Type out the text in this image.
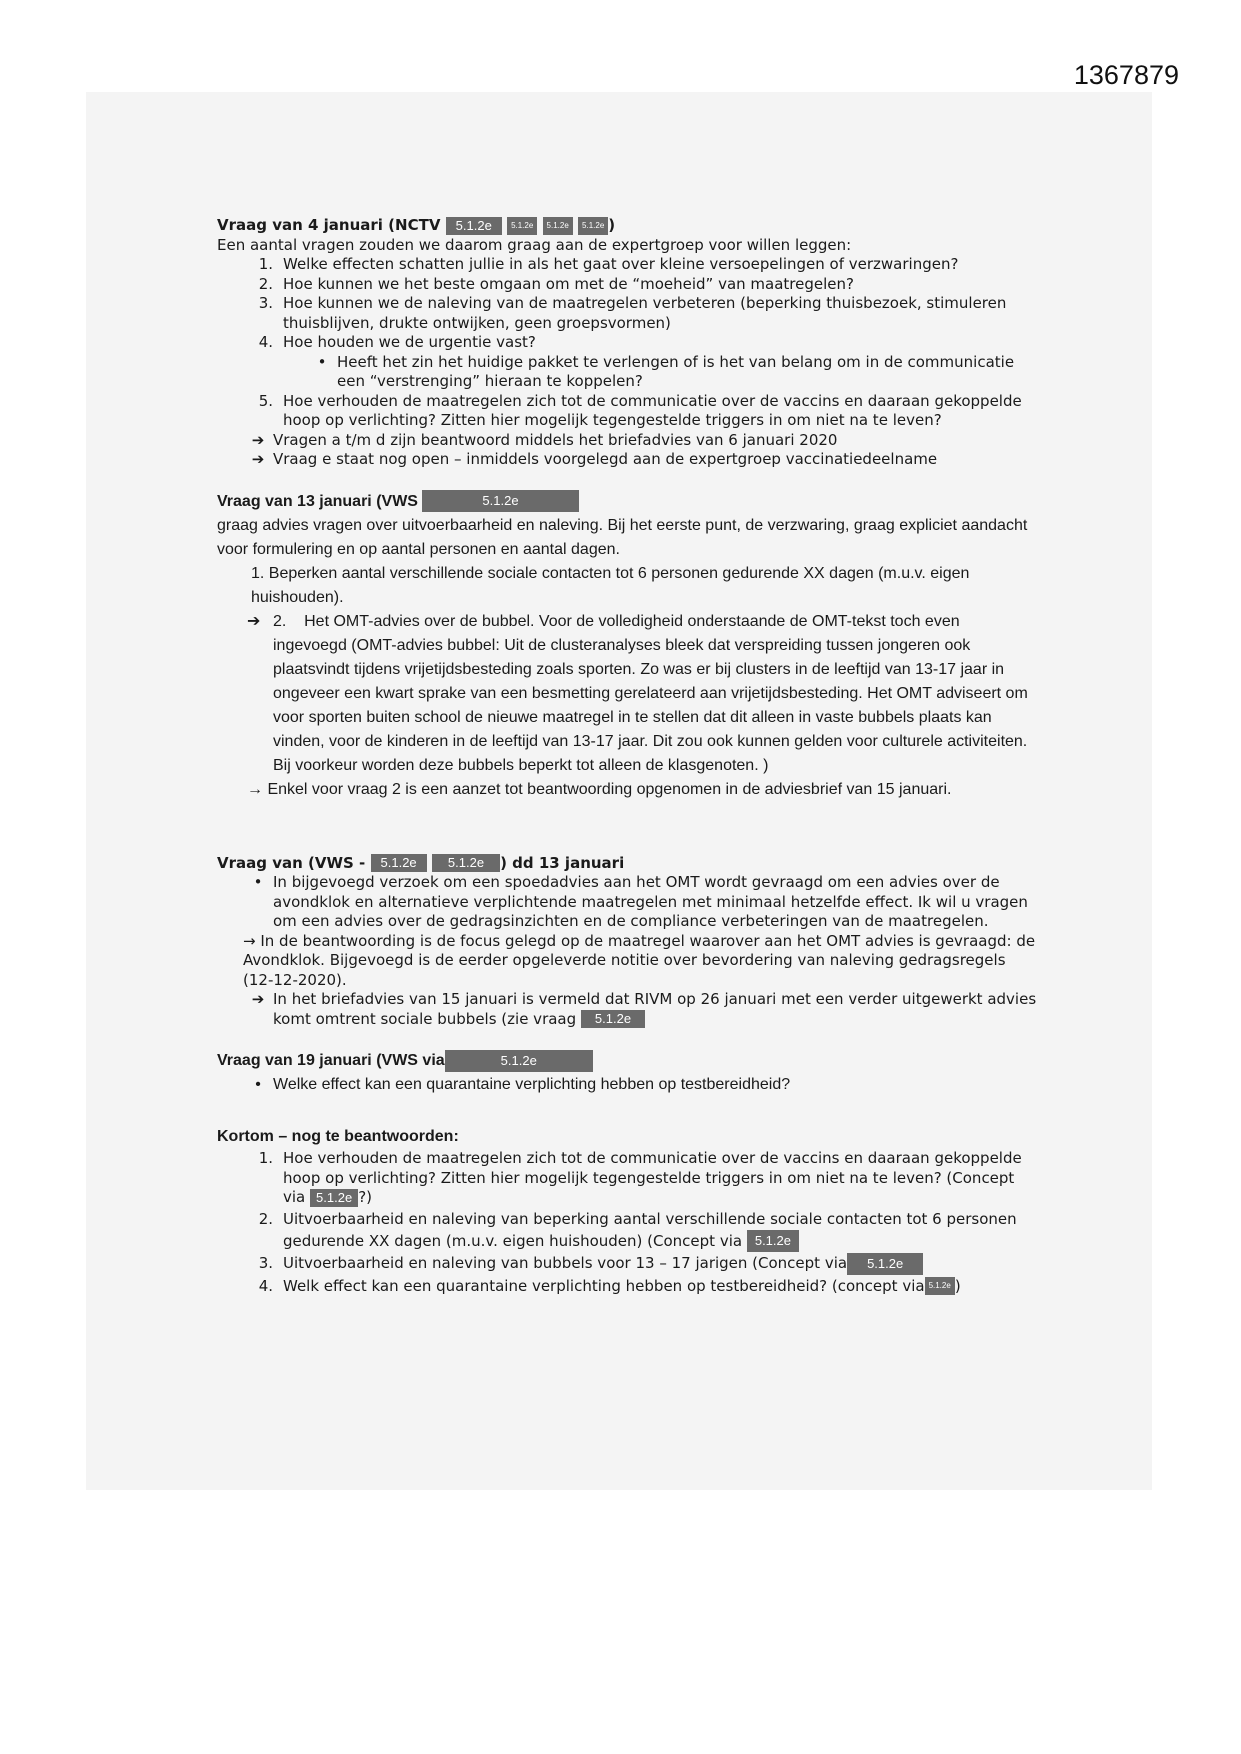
1367879
Vraag van 4 januari (NCTV 5.1.2e 5.1.2e 5.1.2e 5.1.2e )
Een aantal vragen zouden we daarom graag aan de expertgroep voor willen leggen:
1. Welke effecten schatten jullie in als het gaat over kleine versoepelingen of verzwaringen?
2. Hoe kunnen we het beste omgaan om met de “moeheid” van maatregelen?
3. Hoe kunnen we de naleving van de maatregelen verbeteren (beperking thuisbezoek, stimuleren thuisblijven, drukte ontwijken, geen groepsvormen)
4. Hoe houden we de urgentie vast?
• Heeft het zin het huidige pakket te verlengen of is het van belang om in de communicatie een “verstrenging” hieraan te koppelen?
5. Hoe verhouden de maatregelen zich tot de communicatie over de vaccins en daaraan gekoppelde hoop op verlichting? Zitten hier mogelijk tegengestelde triggers in om niet na te leven?
➔ Vragen a t/m d zijn beantwoord middels het briefadvies van 6 januari 2020
➔ Vraag e staat nog open – inmiddels voorgelegd aan de expertgroep vaccinatiedeelname
Vraag van 13 januari (VWS	5.1.2e
graag advies vragen over uitvoerbaarheid en naleving. Bij het eerste punt, de verzwaring, graag expliciet aandacht voor formulering en op aantal personen en aantal dagen.
1. Beperken aantal verschillende sociale contacten tot 6 personen gedurende XX dagen (m.u.v. eigen huishouden).
➔ 2. Het OMT-advies over de bubbel. Voor de volledigheid onderstaande de OMT-tekst toch even ingevoegd (OMT-advies bubbel: Uit de clusteranalyses bleek dat verspreiding tussen jongeren ook plaatsvindt tijdens vrijetijdsbesteding zoals sporten. Zo was er bij clusters in de leeftijd van 13-17 jaar in ongeveer een kwart sprake van een besmetting gerelateerd aan vrijetijdsbesteding. Het OMT adviseert om voor sporten buiten school de nieuwe maatregel in te stellen dat dit alleen in vaste bubbels plaats kan vinden, voor de kinderen in de leeftijd van 13-17 jaar. Dit zou ook kunnen gelden voor culturele activiteiten. Bij voorkeur worden deze bubbels beperkt tot alleen de klasgenoten. )
→ Enkel voor vraag 2 is een aanzet tot beantwoording opgenomen in de adviesbrief van 15 januari.
Vraag van (VWS - 5.1.2e 5.1.2e ) dd 13 januari
• In bijgevoegd verzoek om een spoedadvies aan het OMT wordt gevraagd om een advies over de avondklok en alternatieve verplichtende maatregelen met minimaal hetzelfde effect. Ik wil u vragen om een advies over de gedragsinzichten en de compliance verbeteringen van de maatregelen.
→ In de beantwoording is de focus gelegd op de maatregel waarover aan het OMT advies is gevraagd: de Avondklok. Bijgevoegd is de eerder opgeleverde notitie over bevordering van naleving gedragsregels (12-12-2020).
➔ In het briefadvies van 15 januari is vermeld dat RIVM op 26 januari met een verder uitgewerkt advies komt omtrent sociale bubbels (zie vraag 5.1.2e
Vraag van 19 januari (VWS via	5.1.2e
• Welke effect kan een quarantaine verplichting hebben op testbereidheid?
Kortom – nog te beantwoorden:
1. Hoe verhouden de maatregelen zich tot de communicatie over de vaccins en daaraan gekoppelde hoop op verlichting? Zitten hier mogelijk tegengestelde triggers in om niet na te leven? (Concept via 5.1.2e ?)
2. Uitvoerbaarheid en naleving van beperking aantal verschillende sociale contacten tot 6 personen gedurende XX dagen (m.u.v. eigen huishouden) (Concept via 5.1.2e
3. Uitvoerbaarheid en naleving van bubbels voor 13 – 17 jarigen (Concept via 5.1.2e
4. Welk effect kan een quarantaine verplichting hebben op testbereidheid? (concept via 5.1.2e )
